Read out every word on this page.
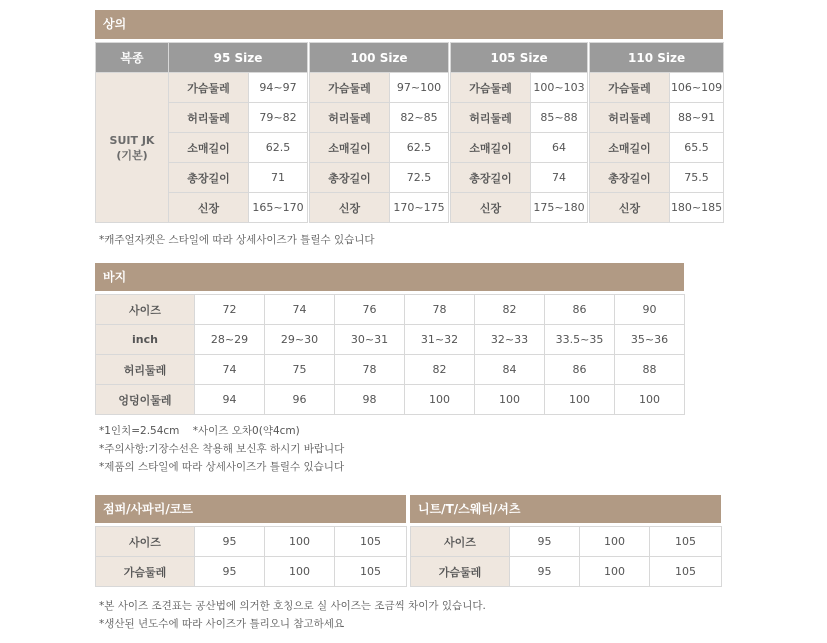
상의
복종	95 Size			100 Size			105 Size			110 Size	
SUIT JK
(기본)	가슴둘레	94~97		가슴둘레	97~100		가슴둘레	100~103		가슴둘레	106~109
	허리둘레	79~82		허리둘레	82~85		허리둘레	85~88		허리둘레	88~91
	소매길이	62.5		소매길이	62.5		소매길이	64		소매길이	65.5
	총장길이	71		총장길이	72.5		총장길이	74		총장길이	75.5
	신장	165~170		신장	170~175		신장	175~180		신장	180~185

*캐주얼자켓은 스타일에 따라 상세사이즈가 틀릴수 있습니다

바지
사이즈	72	74	76	78	82	86	90
inch	28~29	29~30	30~31	31~32	32~33	33.5~35	35~36
허리둘레	74	75	78	82	84	86	88
엉덩이둘레	94	96	98	100	100	100	100

*1인치=2.54cm    *사이즈 오차0(약4cm)

*주의사항:기장수선은 착용해 보신후 하시기 바랍니다

*제품의 스타일에 따라 상세사이즈가 틀릴수 있습니다

점퍼/사파리/코트
사이즈	95	100	105
가슴둘레	95	100	105
니트/T/스웨터/셔츠
사이즈	95	100	105
가슴둘레	95	100	105

*본 사이즈 조견표는 공산법에 의거한 호칭으로 실 사이즈는 조금씩 차이가 있습니다.

*생산된 년도수에 따라 사이즈가 틀리오니 참고하세요
